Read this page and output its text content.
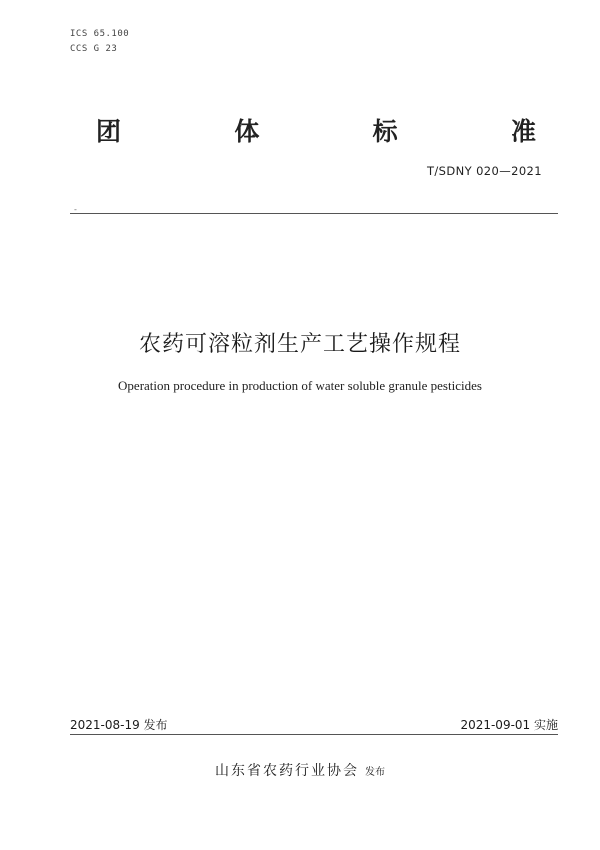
ICS 65.100
CCS G 23
团	体	标	准
T/SDNY 020—2021
-
农药可溶粒剂生产工艺操作规程
Operation procedure in production of water soluble granule pesticides
2021-08-19 发布	2021-09-01 实施
山东省农药行业协会 发布
